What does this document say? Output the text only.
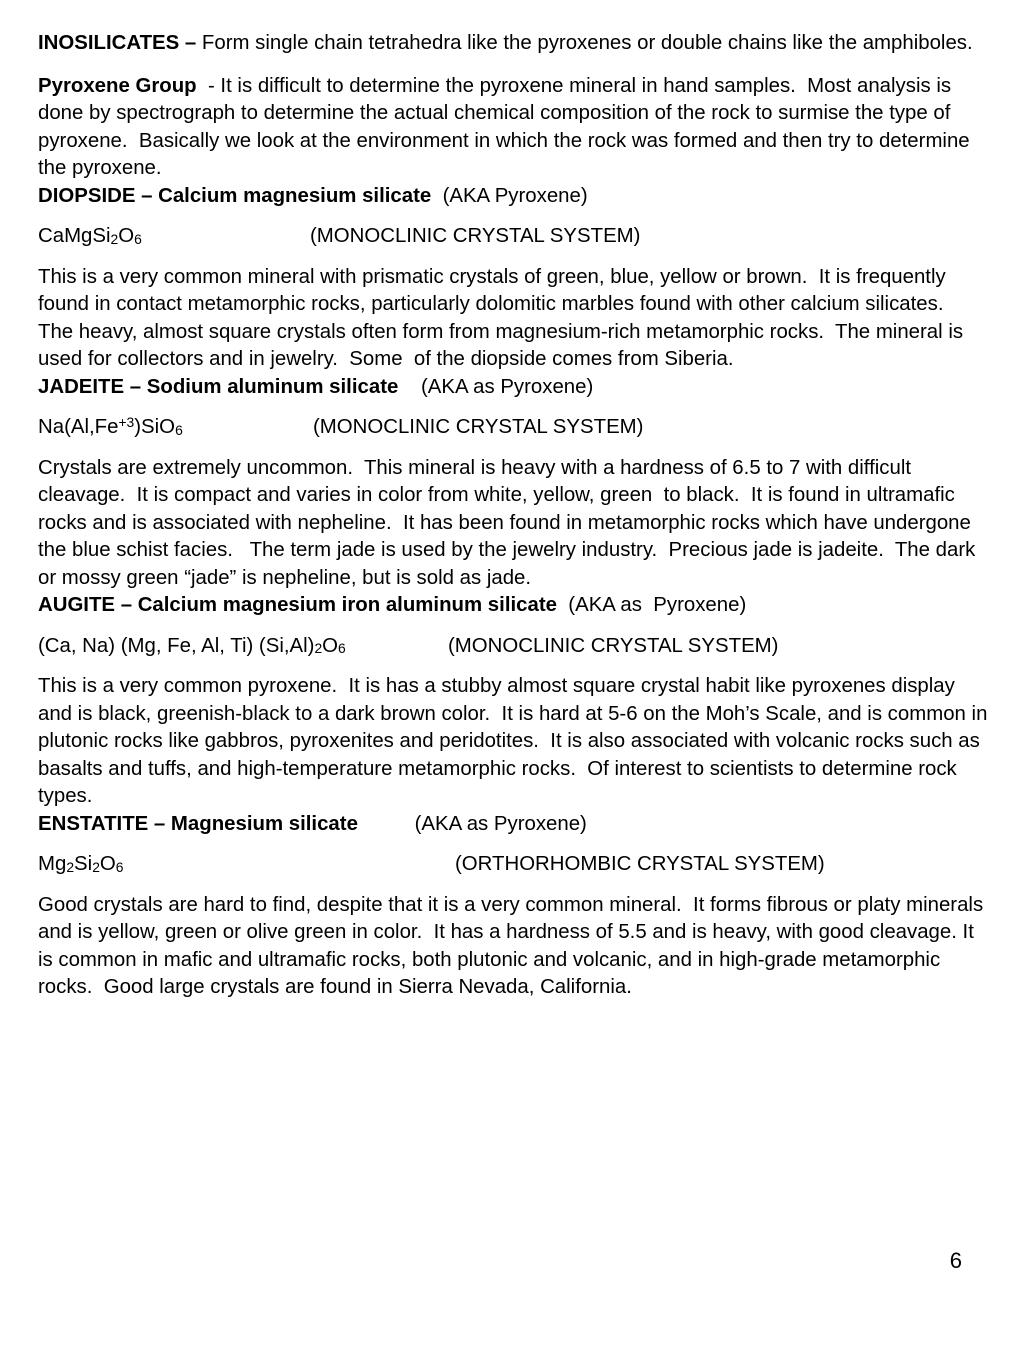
INOSILICATES – Form single chain tetrahedra like the pyroxenes or double chains like the amphiboles.

Pyroxene Group  - It is difficult to determine the pyroxene mineral in hand samples.  Most analysis is done by spectrograph to determine the actual chemical composition of the rock to surmise the type of pyroxene.  Basically we look at the environment in which the rock was formed and then try to determine the pyroxene.

DIOPSIDE – Calcium magnesium silicate  (AKA Pyroxene)

$CaMgSi_2O_6$	(MONOCLINIC CRYSTAL SYSTEM)

This is a very common mineral with prismatic crystals of green, blue, yellow or brown.  It is frequently found in contact metamorphic rocks, particularly dolomitic marbles found with other calcium silicates.  The heavy, almost square crystals often form from magnesium-rich metamorphic rocks.  The mineral is used for collectors and in jewelry.  Some  of the diopside comes from Siberia.

JADEITE – Sodium aluminum silicate    (AKA as Pyroxene)

$Na(Al,Fe^{+3})SiO_6$	(MONOCLINIC CRYSTAL SYSTEM)

Crystals are extremely uncommon.  This mineral is heavy with a hardness of 6.5 to 7 with difficult cleavage.  It is compact and varies in color from white, yellow, green  to black.  It is found in ultramafic rocks and is associated with nepheline.  It has been found in metamorphic rocks which have undergone the blue schist facies.   The term jade is used by the jewelry industry.  Precious jade is jadeite.  The dark or mossy green “jade” is nepheline, but is sold as jade.

AUGITE – Calcium magnesium iron aluminum silicate  (AKA as  Pyroxene)

(Ca, Na) (Mg, Fe, Al, Ti) $(Si,Al)_2O_6$	(MONOCLINIC CRYSTAL SYSTEM)

This is a very common pyroxene.  It is has a stubby almost square crystal habit like pyroxenes display and is black, greenish-black to a dark brown color.  It is hard at 5-6 on the Moh’s Scale, and is common in plutonic rocks like gabbros, pyroxenites and peridotites.  It is also associated with volcanic rocks such as basalts and tuffs, and high-temperature metamorphic rocks.  Of interest to scientists to determine rock types.

ENSTATITE – Magnesium silicate          (AKA as Pyroxene)

$Mg_2Si_2O_6$	(ORTHORHOMBIC CRYSTAL SYSTEM)

Good crystals are hard to find, despite that it is a very common mineral.  It forms fibrous or platy minerals and is yellow, green or olive green in color.  It has a hardness of 5.5 and is heavy, with good cleavage. It is common in mafic and ultramafic rocks, both plutonic and volcanic, and in high-grade metamorphic rocks.  Good large crystals are found in Sierra Nevada, California.

6
